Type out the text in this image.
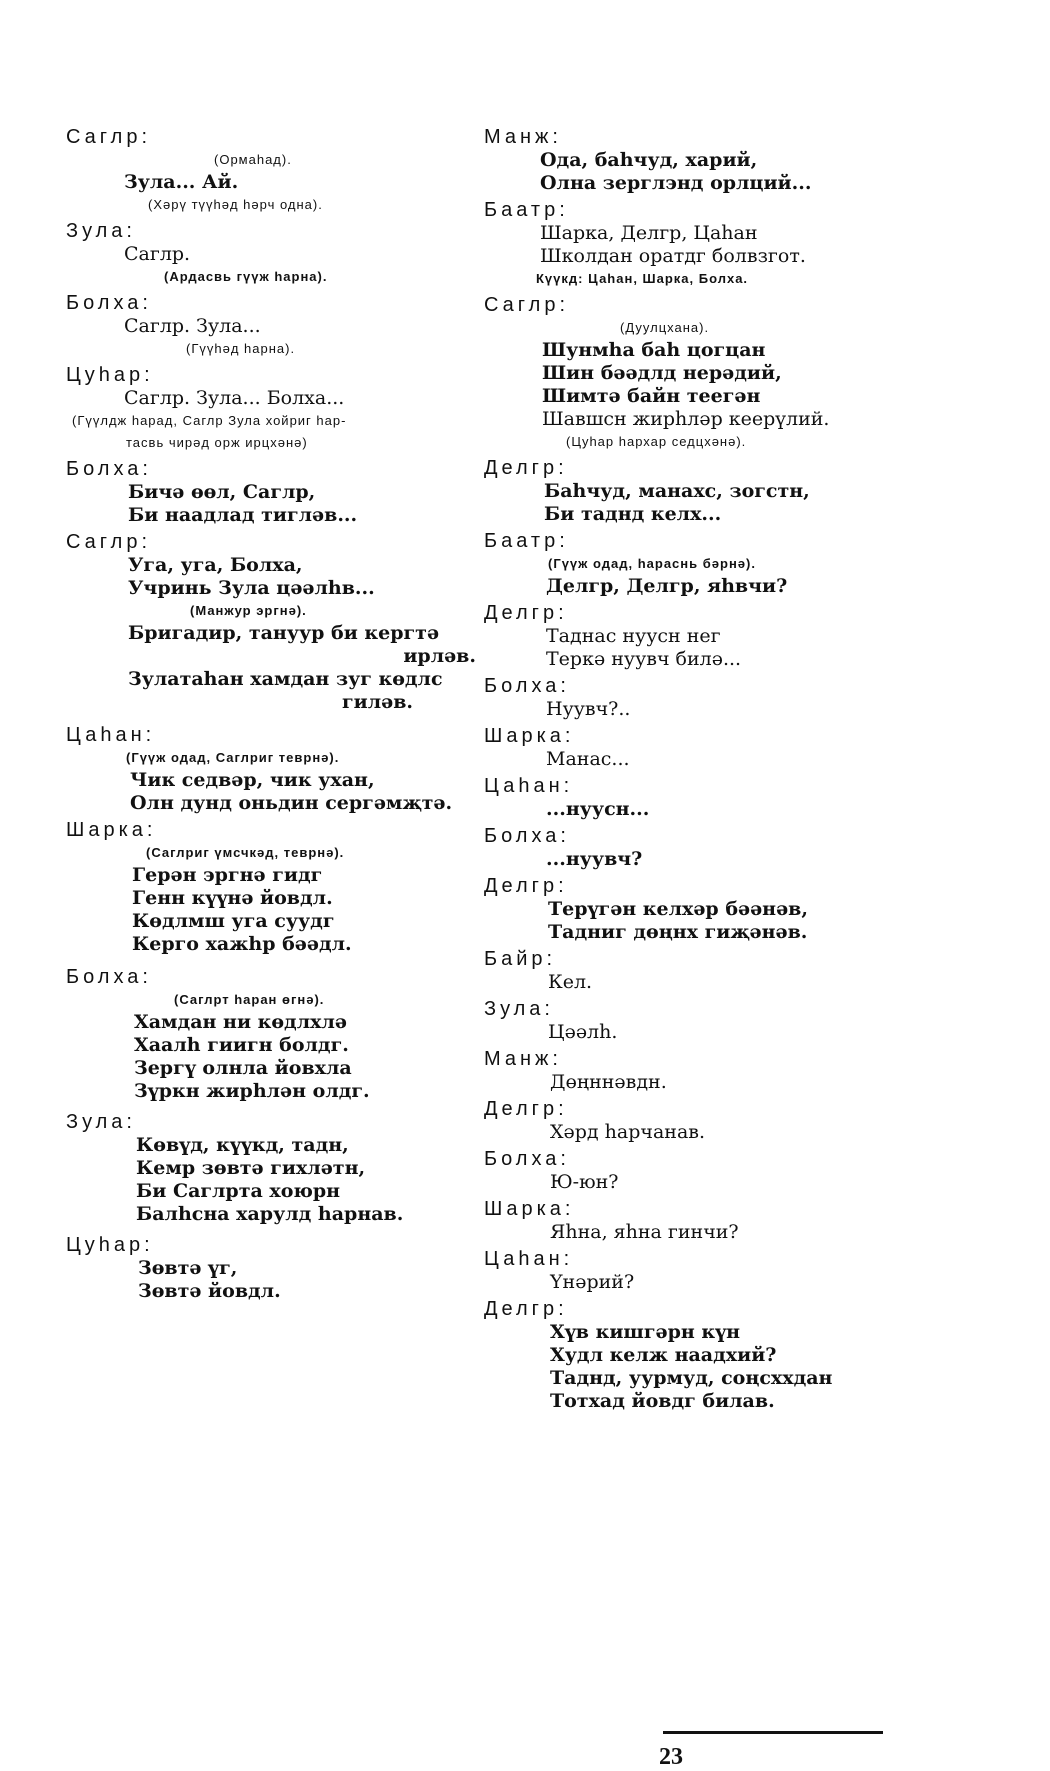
Саглр:
(Ормаһад).
Зула... Ай.
(Хәрү түүһәд һәрч одна).
Зула:
Саглр.
(Ардасвь гүүж һарна).
Болха:
Саглр. Зула...
(Гүүһәд һарна).
Цуһар:
Саглр. Зула... Болха...
(Гүүлдж һарад, Саглр Зула хойриг һар-
тасвь чирәд орж ирцхәнә)
Болха:
Бичә өөл, Саглр,
Би наадлад тигләв...
Саглр:
Уга, уга, Болха,
Учринь Зула цәәлһв...
(Манжур эргнә).
Бригадир, тануур би кергтә
ирләв.
Зулатаһан хамдан зуг көдлс
гиләв.
Цаһан:
(Гүүж одад, Саглриг теврнә).
Чик седвәр, чик ухан,
Олн дунд оньдин сергәмҗтә.
Шарка:
(Саглриг үмсчкәд, теврнә).
Герән эргнә гидг
Генн күүнә йовдл.
Көдлмш уга суудг
Керго хажһр бәәдл.
Болха:
(Саглрт һаран өгнә).
Хамдан ни көдлхлә
Хаалһ гиигн болдг.
Зергү олнла йовхла
Зүркн жирһлән олдг.
Зула:
Көвүд, күүкд, тадн,
Кемр зөвтә гихләтн,
Би Саглрта хоюрн
Балһсна харулд һарнав.
Цуһар:
Зөвтә үг,
Зөвтә йовдл.
Манж:
Ода, баһчуд, харий,
Олна зерглэнд орлций...
Баатр:
Шарка, Делгр, Цаһан
Школдан оратдг болвзгот.
Күүкд: Цаһан, Шарка, Болха.
Саглр:
(Дуулцхана).
Шунмһа баһ цогцан
Шин бәәдлд нерәдий,
Шимтә байн теегән
Шавшсн жирһләр кеерүлий.
(Цуһар һархар седцхәнә).
Делгр:
Баһчуд, манахс, зогстн,
Би таднд келх...
Баатр:
(Гүүж одад, һараснь бәрнә).
Делгр, Делгр, яһвчи?
Делгр:
Таднас нуусн нег
Теркә нуувч билә...
Болха:
Нуувч?..
Шарка:
Манас...
Цаһан:
...нуусн...
Болха:
...нуувч?
Делгр:
Терүгән келхәр бәәнәв,
Тадниг дөңнх гиҗәнәв.
Байр:
Кел.
Зула:
Цәәлһ.
Манж:
Дөңннәвдн.
Делгр:
Хәрд һарчанав.
Болха:
Ю-юн?
Шарка:
Яһна, яһна гинчи?
Цаһан:
Үнәрий?
Делгр:
Хүв кишгәрн күн
Худл келж наадхий?
Таднд, уурмуд, соңсххдан
Тотхад йовдг билав.
23
